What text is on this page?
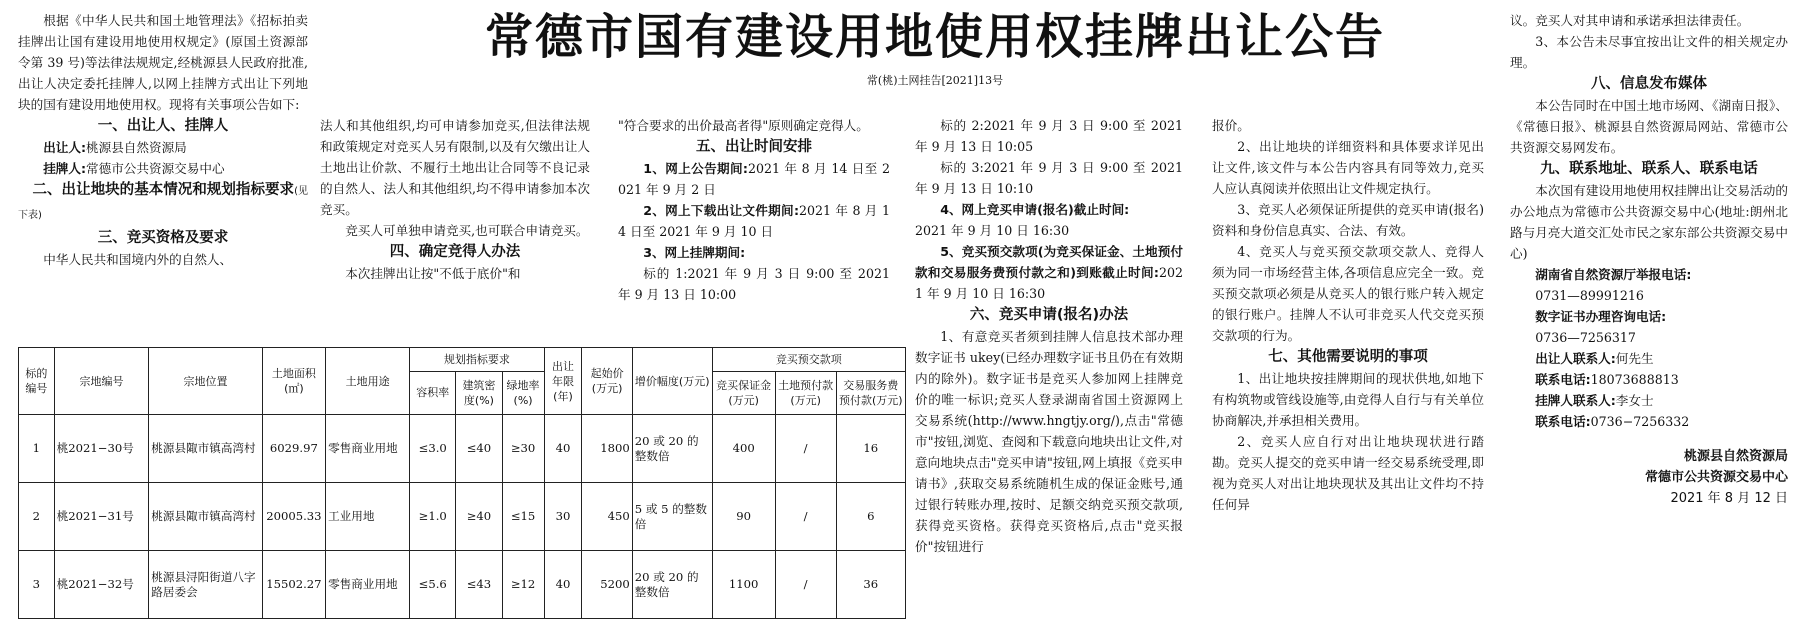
常德市国有建设用地使用权挂牌出让公告
常(桃)土网挂告[2021]13号

根据《中华人民共和国土地管理法》《招标拍卖挂牌出让国有建设用地使用权规定》(原国土资源部令第 39 号)等法律法规规定,经桃源县人民政府批准,出让人决定委托挂牌人,以网上挂牌方式出让下列地块的国有建设用地使用权。现将有关事项公告如下:

一、出让人、挂牌人

出让人:桃源县自然资源局

挂牌人:常德市公共资源交易中心

二、出让地块的基本情况和规划指标要求(见下表)
三、竞买资格及要求

中华人民共和国境内外的自然人、

法人和其他组织,均可申请参加竞买,但法律法规和政策规定对竞买人另有限制,以及有欠缴出让人土地出让价款、不履行土地出让合同等不良记录的自然人、法人和其他组织,均不得申请参加本次竞买。

竞买人可单独申请竞买,也可联合申请竞买。

四、确定竞得人办法

本次挂牌出让按"不低于底价"和

"符合要求的出价最高者得"原则确定竞得人。

五、出让时间安排

1、网上公告期间:2021 年 8 月 14 日至 2021 年 9 月 2 日

2、网上下载出让文件期间:2021 年 8 月 14 日至 2021 年 9 月 10 日

3、网上挂牌期间:

标的 1:2021 年 9 月 3 日 9:00 至 2021 年 9 月 13 日 10:00

标的 2:2021 年 9 月 3 日 9:00 至 2021 年 9 月 13 日 10:05

标的 3:2021 年 9 月 3 日 9:00 至 2021 年 9 月 13 日 10:10

4、网上竞买申请(报名)截止时间:

2021 年 9 月 10 日 16:30

5、竞买预交款项(为竞买保证金、土地预付款和交易服务费预付款之和)到账截止时间:2021 年 9 月 10 日 16:30

六、竞买申请(报名)办法

1、有意竞买者须到挂牌人信息技术部办理数字证书 ukey(已经办理数字证书且仍在有效期内的除外)。数字证书是竞买人参加网上挂牌竞价的唯一标识;竞买人登录湖南省国土资源网上交易系统(http://www.hngtjy.org/),点击"常德市"按钮,浏览、查阅和下载意向地块出让文件,对意向地块点击"竞买申请"按钮,网上填报《竞买申请书》,获取交易系统随机生成的保证金账号,通过银行转账办理,按时、足额交纳竞买预交款项,获得竞买资格。获得竞买资格后,点击"竞买报价"按钮进行

报价。

2、出让地块的详细资料和具体要求详见出让文件,该文件与本公告内容具有同等效力,竞买人应认真阅读并依照出让文件规定执行。

3、竞买人必须保证所提供的竞买申请(报名)资料和身份信息真实、合法、有效。

4、竞买人与竞买预交款项交款人、竞得人须为同一市场经营主体,各项信息应完全一致。竞买预交款项必须是从竞买人的银行账户转入规定的银行账户。挂牌人不认可非竞买人代交竞买预交款项的行为。

七、其他需要说明的事项

1、出让地块按挂牌期间的现状供地,如地下有构筑物或管线设施等,由竞得人自行与有关单位协商解决,并承担相关费用。

2、竞买人应自行对出让地块现状进行踏勘。竞买人提交的竞买申请一经交易系统受理,即视为竞买人对出让地块现状及其出让文件均不持任何异

议。竞买人对其申请和承诺承担法律责任。

3、本公告未尽事宜按出让文件的相关规定办理。

八、信息发布媒体

本公告同时在中国土地市场网、《湖南日报》、《常德日报》、桃源县自然资源局网站、常德市公共资源交易网发布。

九、联系地址、联系人、联系电话

本次国有建设用地使用权挂牌出让交易活动的办公地点为常德市公共资源交易中心(地址:朗州北路与月亮大道交汇处市民之家东部公共资源交易中心)

湖南省自然资源厅举报电话:

0731—89991216

数字证书办理咨询电话:

0736—7256317

出让人联系人:何先生

联系电话:18073688813

挂牌人联系人:李女士

联系电话:0736−7256332

桃源县自然资源局
常德市公共资源交易中心
2021 年 8 月 12 日
标的编号	宗地编号	宗地位置	土地面积(㎡)	土地用途	规划指标要求			出让年限(年)	起始价(万元)	增价幅度(万元)	竞买预交款项		
					容积率	建筑密度(%)	绿地率(%)				竞买保证金(万元)	土地预付款(万元)	交易服务费预付款(万元)
1	桃2021−30号	桃源县陬市镇高湾村	6029.97	零售商业用地	≤3.0	≤40	≥30	40	1800	20 或 20 的整数倍	400	/	16
2	桃2021−31号	桃源县陬市镇高湾村	20005.33	工业用地	≥1.0	≥40	≤15	30	450	5 或 5 的整数倍	90	/	6
3	桃2021−32号	桃源县浔阳街道八字路居委会	15502.27	零售商业用地	≤5.6	≤43	≥12	40	5200	20 或 20 的整数倍	1100	/	36
